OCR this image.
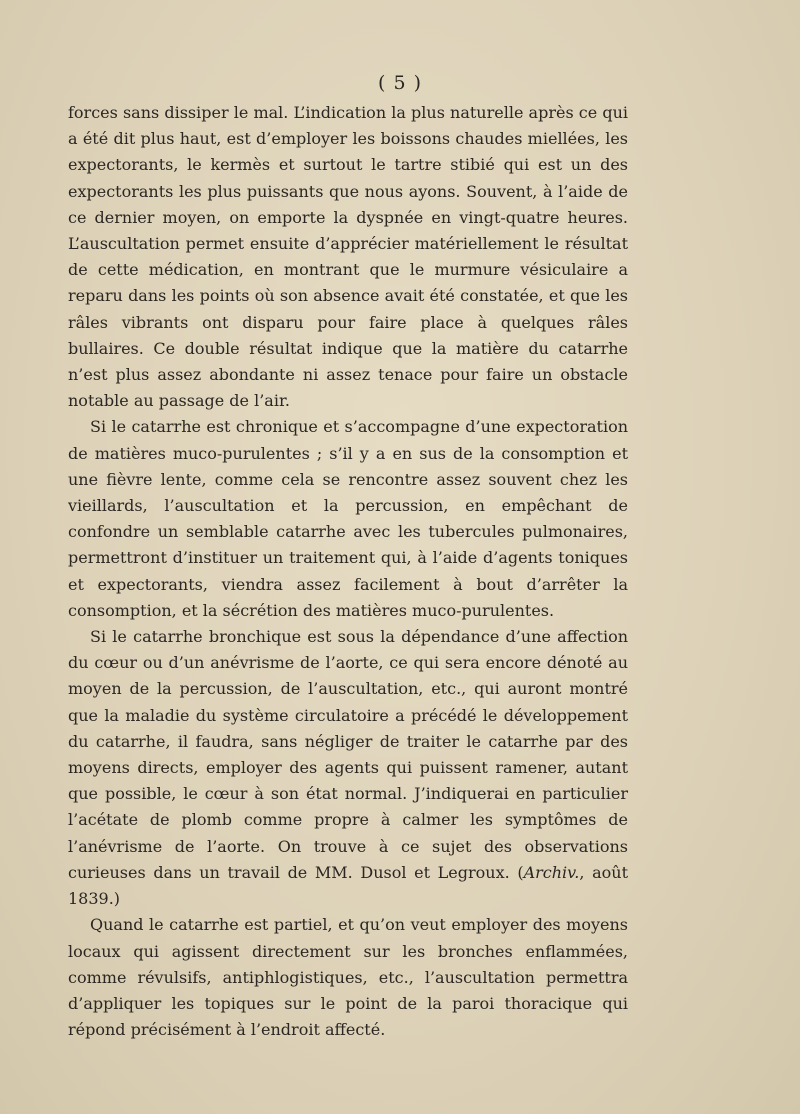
( 5 )

forces sans dissiper le mal. L’indication la plus naturelle après ce qui a été dit plus haut, est d’employer les boissons chaudes miellées, les expectorants, le kermès et surtout le tartre stibié qui est un des expectorants les plus puissants que nous ayons. Souvent, à l’aide de ce dernier moyen, on emporte la dyspnée en vingt-quatre heures. L’auscultation permet ensuite d’apprécier matériellement le résultat de cette médication, en montrant que le murmure vésiculaire a reparu dans les points où son absence avait été constatée, et que les râles vibrants ont disparu pour faire place à quelques râles bullaires. Ce double résultat indique que la matière du catarrhe n’est plus assez abondante ni assez tenace pour faire un obstacle notable au passage de l’air.

Si le catarrhe est chronique et s’accompagne d’une expectoration de matières muco-purulentes ; s’il y a en sus de la consomption et une fièvre lente, comme cela se rencontre assez souvent chez les vieillards, l’auscultation et la percussion, en empêchant de confondre un semblable catarrhe avec les tubercules pulmonaires, permettront d’instituer un traitement qui, à l’aide d’agents toniques et expectorants, viendra assez facilement à bout d’arrêter la consomption, et la sécrétion des matières muco-purulentes.

Si le catarrhe bronchique est sous la dépendance d’une affection du cœur ou d’un anévrisme de l’aorte, ce qui sera encore dénoté au moyen de la percussion, de l’auscultation, etc., qui auront montré que la maladie du système circulatoire a précédé le développement du catarrhe, il faudra, sans négliger de traiter le catarrhe par des moyens directs, employer des agents qui puissent ramener, autant que possible, le cœur à son état normal. J’indiquerai en particulier l’acétate de plomb comme propre à calmer les symptômes de l’anévrisme de l’aorte. On trouve à ce sujet des observations curieuses dans un travail de MM. Dusol et Legroux. (Archiv., août 1839.)

Quand le catarrhe est partiel, et qu’on veut employer des moyens locaux qui agissent directement sur les bronches enflammées, comme révulsifs, antiphlogistiques, etc., l’auscultation permettra d’appliquer les topiques sur le point de la paroi thoracique qui répond précisément à l’endroit affecté.
